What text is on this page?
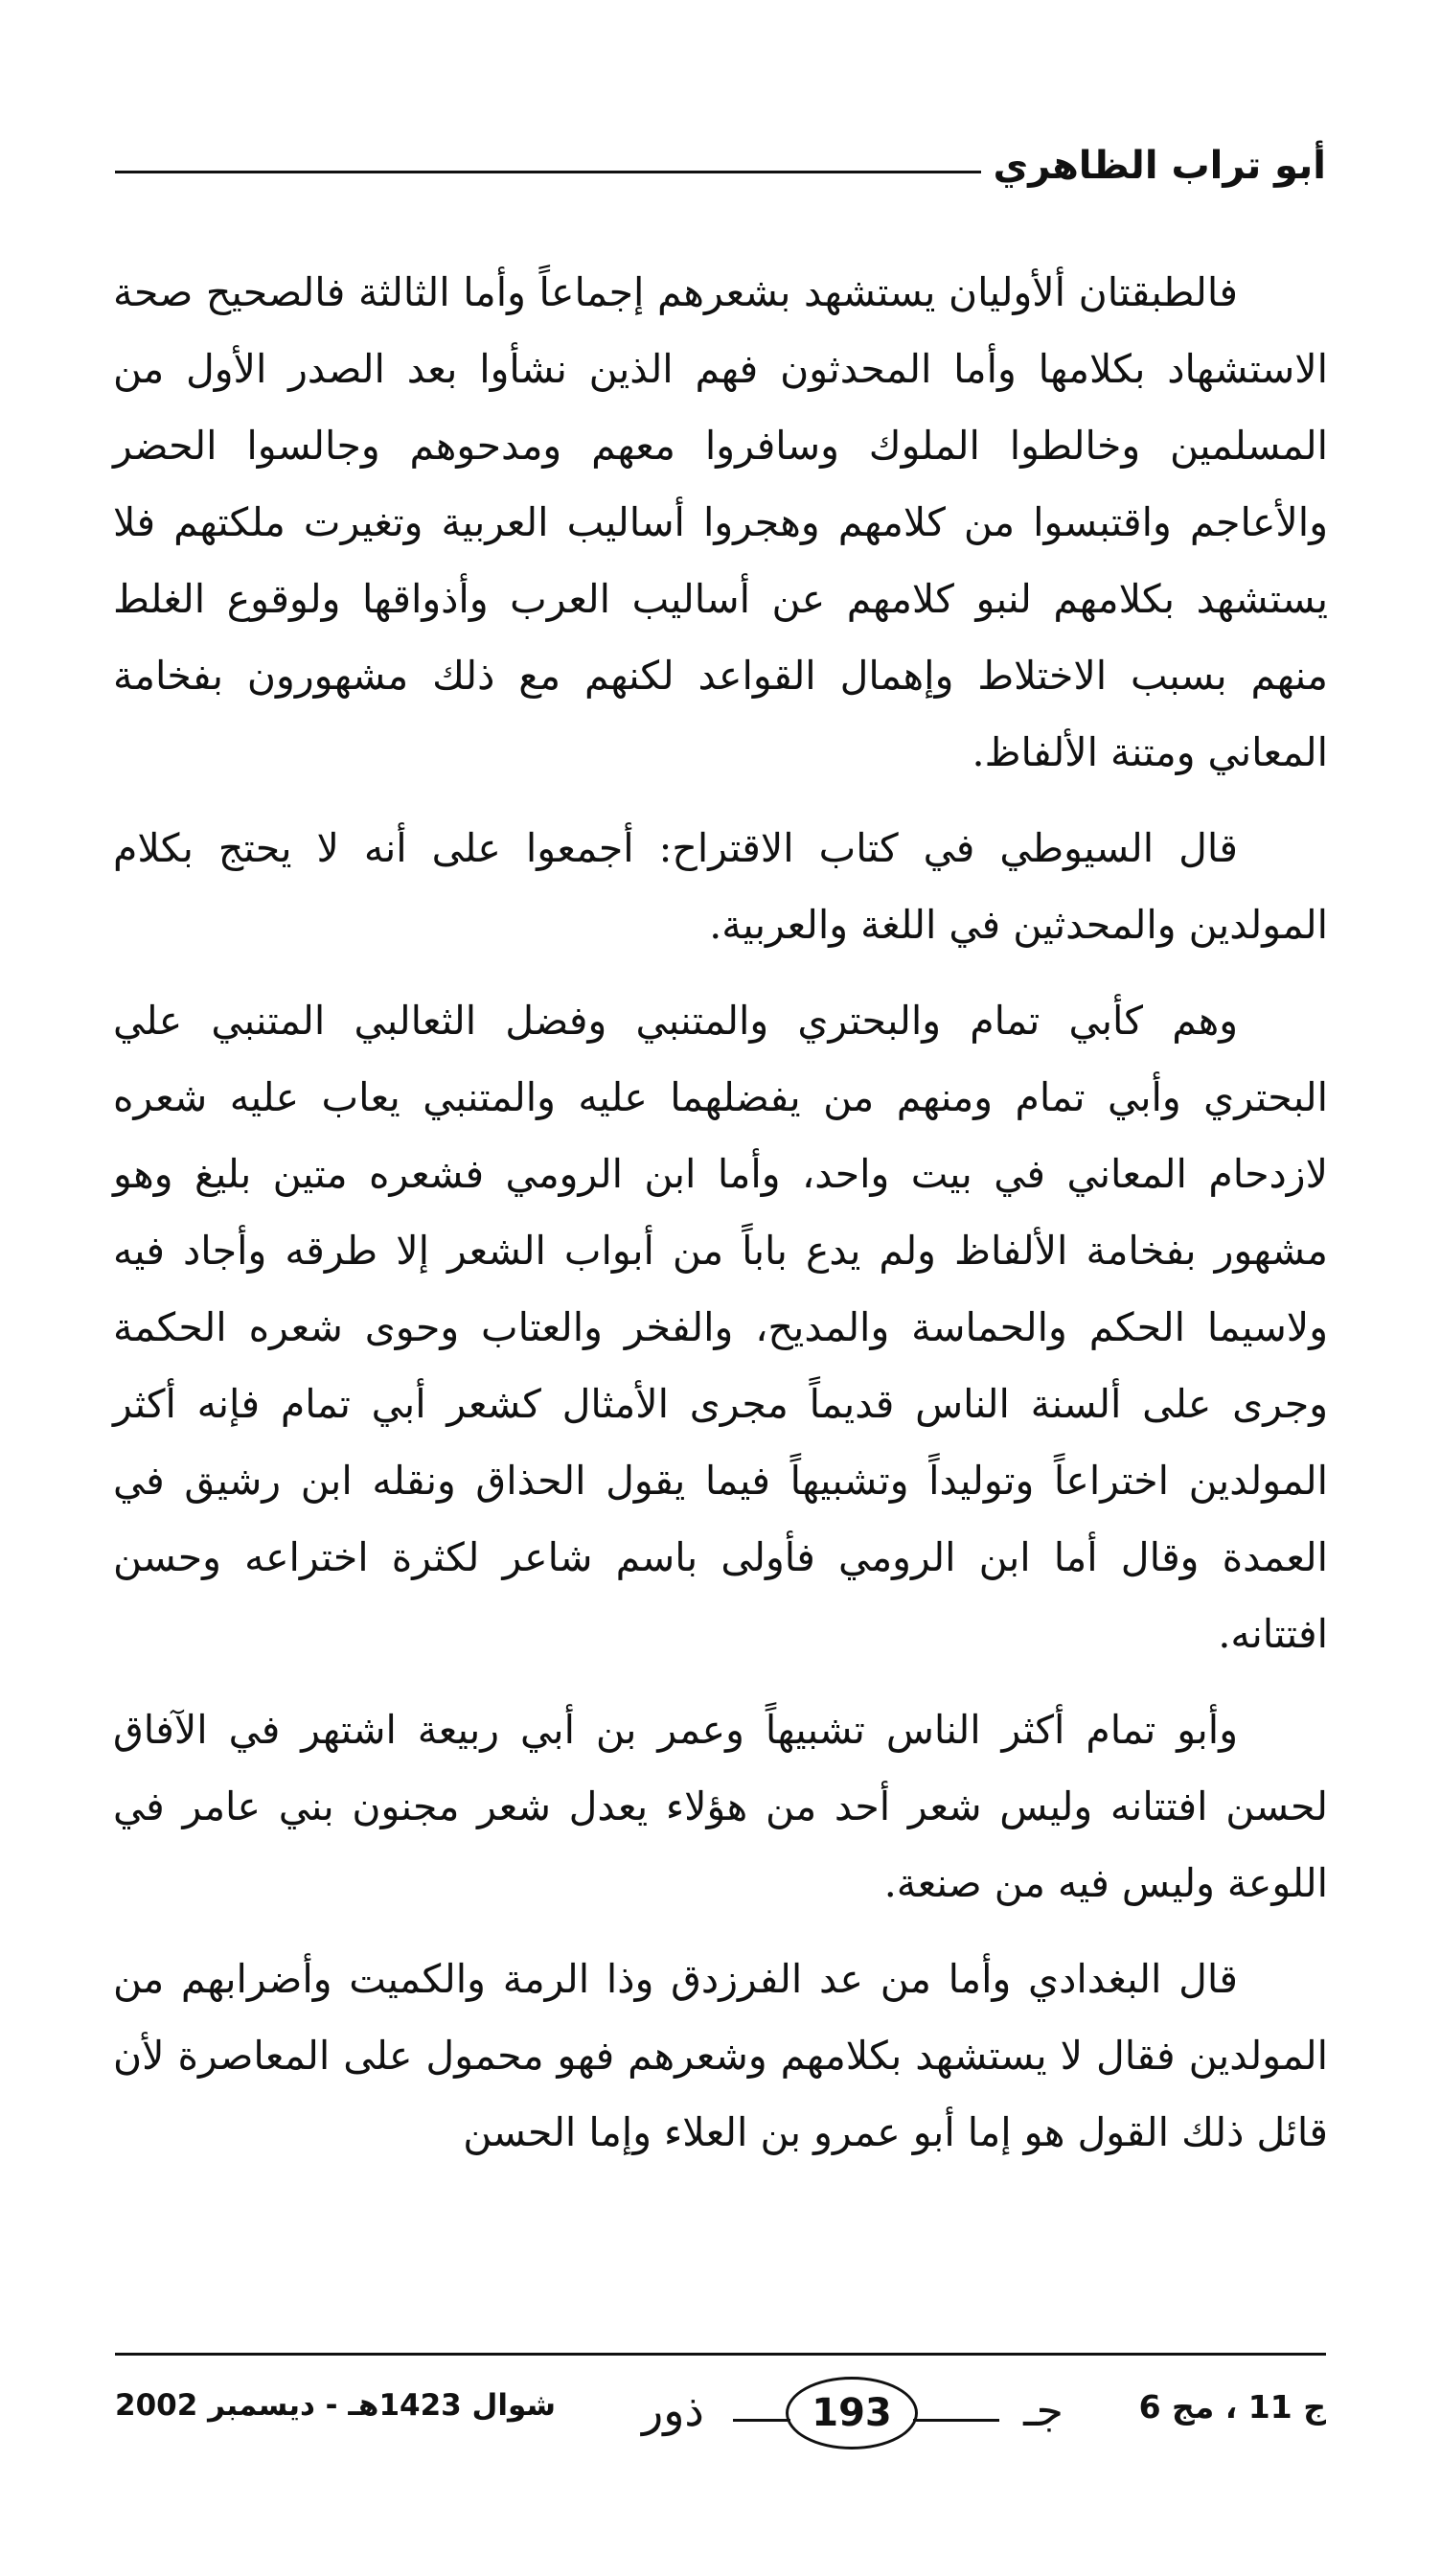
أبو تراب الظاهري

فالطبقتان ألأوليان يستشهد بشعرهم إجماعاً وأما الثالثة فالصحيح صحة الاستشهاد بكلامها وأما المحدثون فهم الذين نشأوا بعد الصدر الأول من المسلمين وخالطوا الملوك وسافروا معهم ومدحوهم وجالسوا الحضر والأعاجم واقتبسوا من كلامهم وهجروا أساليب العربية وتغيرت ملكتهم فلا يستشهد بكلامهم لنبو كلامهم عن أساليب العرب وأذواقها ولوقوع الغلط منهم بسبب الاختلاط وإهمال القواعد لكنهم مع ذلك مشهورون بفخامة المعاني ومتنة الألفاظ.

قال السيوطي في كتاب الاقتراح: أجمعوا على أنه لا يحتج بكلام المولدين والمحدثين في اللغة والعربية.

وهم كأبي تمام والبحتري والمتنبي وفضل الثعالبي المتنبي علي البحتري وأبي تمام ومنهم من يفضلهما عليه والمتنبي يعاب عليه شعره لازدحام المعاني في بيت واحد، وأما ابن الرومي فشعره متين بليغ وهو مشهور بفخامة الألفاظ ولم يدع باباً من أبواب الشعر إلا طرقه وأجاد فيه ولاسيما الحكم والحماسة والمديح، والفخر والعتاب وحوى شعره الحكمة وجرى على ألسنة الناس قديماً مجرى الأمثال كشعر أبي تمام فإنه أكثر المولدين اختراعاً وتوليداً وتشبيهاً فيما يقول الحذاق ونقله ابن رشيق في العمدة وقال أما ابن الرومي فأولى باسم شاعر لكثرة اختراعه وحسن افتتانه.

وأبو تمام أكثر الناس تشبيهاً وعمر بن أبي ربيعة اشتهر في الآفاق لحسن افتتانه وليس شعر أحد من هؤلاء يعدل شعر مجنون بني عامر في اللوعة وليس فيه من صنعة.

قال البغدادي وأما من عد الفرزدق وذا الرمة والكميت وأضرابهم من المولدين فقال لا يستشهد بكلامهم وشعرهم فهو محمول على المعاصرة لأن قائل ذلك القول هو إما أبو عمرو بن العلاء وإما الحسن

شوال 1423هـ - ديسمبر 2002 ذور	193	جـ ج 11 ، مج 6
